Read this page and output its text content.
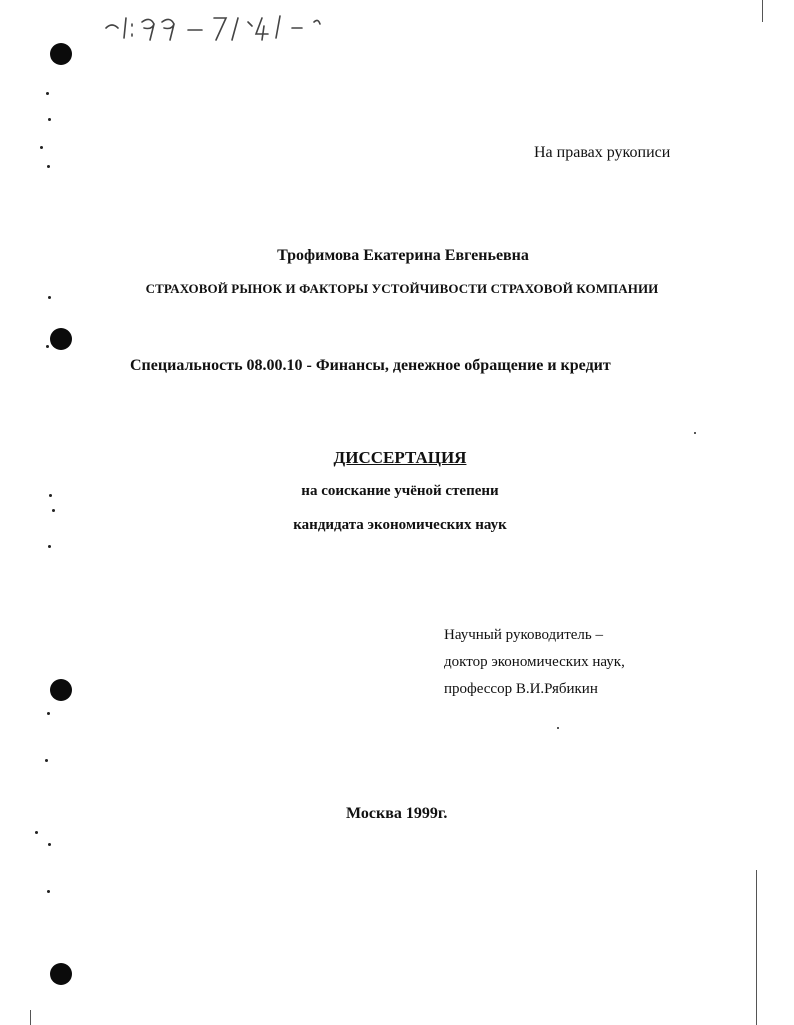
На правах рукописи
Трофимова Екатерина Евгеньевна
СТРАХОВОЙ РЫНОК И ФАКТОРЫ УСТОЙЧИВОСТИ СТРАХОВОЙ КОМПАНИИ
Специальность 08.00.10 - Финансы, денежное обращение и кредит
ДИССЕРТАЦИЯ
на соискание учёной степени
кандидата экономических наук
Научный руководитель –
доктор экономических наук,
профессор В.И.Рябикин
Москва 1999г.
